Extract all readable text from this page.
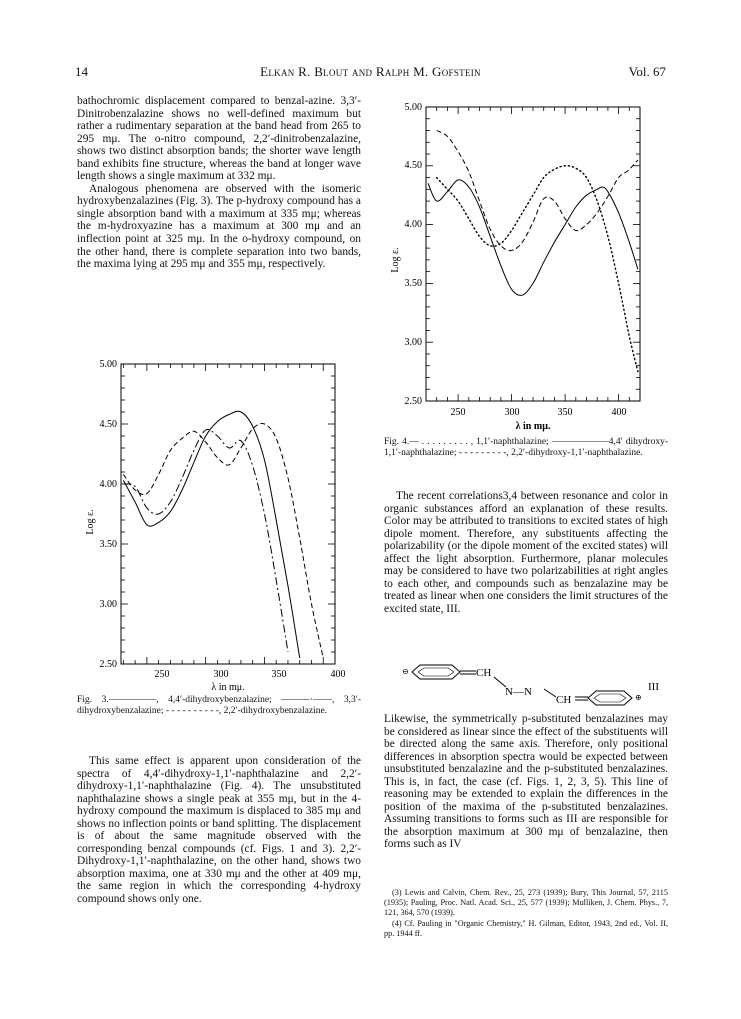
14	Elkan R. Blout and Ralph M. Gofstein	Vol. 67

bathochromic displacement compared to benzal-azine. 3,3′-Dinitrobenzalazine shows no well-defined maximum but rather a rudimentary separation at the band head from 265 to 295 mμ. The o-nitro compound, 2,2′-dinitrobenzalazine, shows two distinct absorption bands; the shorter wave length band exhibits fine structure, whereas the band at longer wave length shows a single maximum at 332 mμ.

Analogous phenomena are observed with the isomeric hydroxybenzalazines (Fig. 3). The p-hydroxy compound has a single absorption band with a maximum at 335 mμ; whereas the m-hydroxyazine has a maximum at 300 mμ and an inflection point at 325 mμ. In the o-hydroxy compound, on the other hand, there is complete separation into two bands, the maxima lying at 295 mμ and 355 mμ, respectively.

5.00
4.50
4.00
3.50
3.00
2.50
250	300	350	400
λ in mμ.
Log ε.
Fig. 3.—————, 4,4′-dihydroxybenzalazine; ———·——, 3,3′-dihydroxybenzalazine; - - - - - - - - - -, 2,2′-dihydroxybenzalazine.

This same effect is apparent upon consideration of the spectra of 4,4′-dihydroxy-1,1′-naphthalazine and 2,2′-dihydroxy-1,1′-naphthalazine (Fig. 4). The unsubstituted naphthalazine shows a single peak at 355 mμ, but in the 4-hydroxy compound the maximum is displaced to 385 mμ and shows no inflection points or band splitting. The displacement is of about the same magnitude observed with the corresponding benzal compounds (cf. Figs. 1 and 3). 2,2′-Dihydroxy-1,1′-naphthalazine, on the other hand, shows two absorption maxima, one at 330 mμ and the other at 409 mμ, the same region in which the corresponding 4-hydroxy compound shows only one.

5.00
4.50
4.00
3.50
3.00
2.50
250	300	350	400
λ in mμ.
Log ε.
Fig. 4.— . . . . . . . . . , 1,1′-naphthalazine; ——————4,4′ dihydroxy-1,1′-naphthalazine; - - - - - - - - -, 2,2′-dihydroxy-1,1′-naphthalazine.

The recent correlations3,4 between resonance and color in organic substances afford an explanation of these results. Color may be attributed to transitions to excited states of high dipole moment. Therefore, any substituents affecting the polarizability (or the dipole moment of the excited states) will affect the light absorption. Furthermore, planar molecules may be considered to have two polarizabilities at right angles to each other, and compounds such as benzalazine may be treated as linear when one considers the limit structures of the excited state, III.

⊖	CH
N—N
CH	⊕
III

Likewise, the symmetrically p-substituted benzalazines may be considered as linear since the effect of the substituents will be directed along the same axis. Therefore, only positional differences in absorption spectra would be expected between unsubstituted benzalazine and the p-substituted benzalazines. This is, in fact, the case (cf. Figs. 1, 2, 3, 5). This line of reasoning may be extended to explain the differences in the position of the maxima of the p-substituted benzalazines. Assuming transitions to forms such as III are responsible for the absorption maximum at 300 mμ of benzalazine, then forms such as IV

(3) Lewis and Calvin, Chem. Rev., 25, 273 (1939); Bury, This Journal, 57, 2115 (1935); Pauling, Proc. Natl. Acad. Sci., 25, 577 (1939); Mulliken, J. Chem. Phys., 7, 121, 364, 570 (1939).

(4) Cf. Pauling in "Organic Chemistry," H. Gilman, Editor, 1943, 2nd ed., Vol. II, pp. 1944 ff.
